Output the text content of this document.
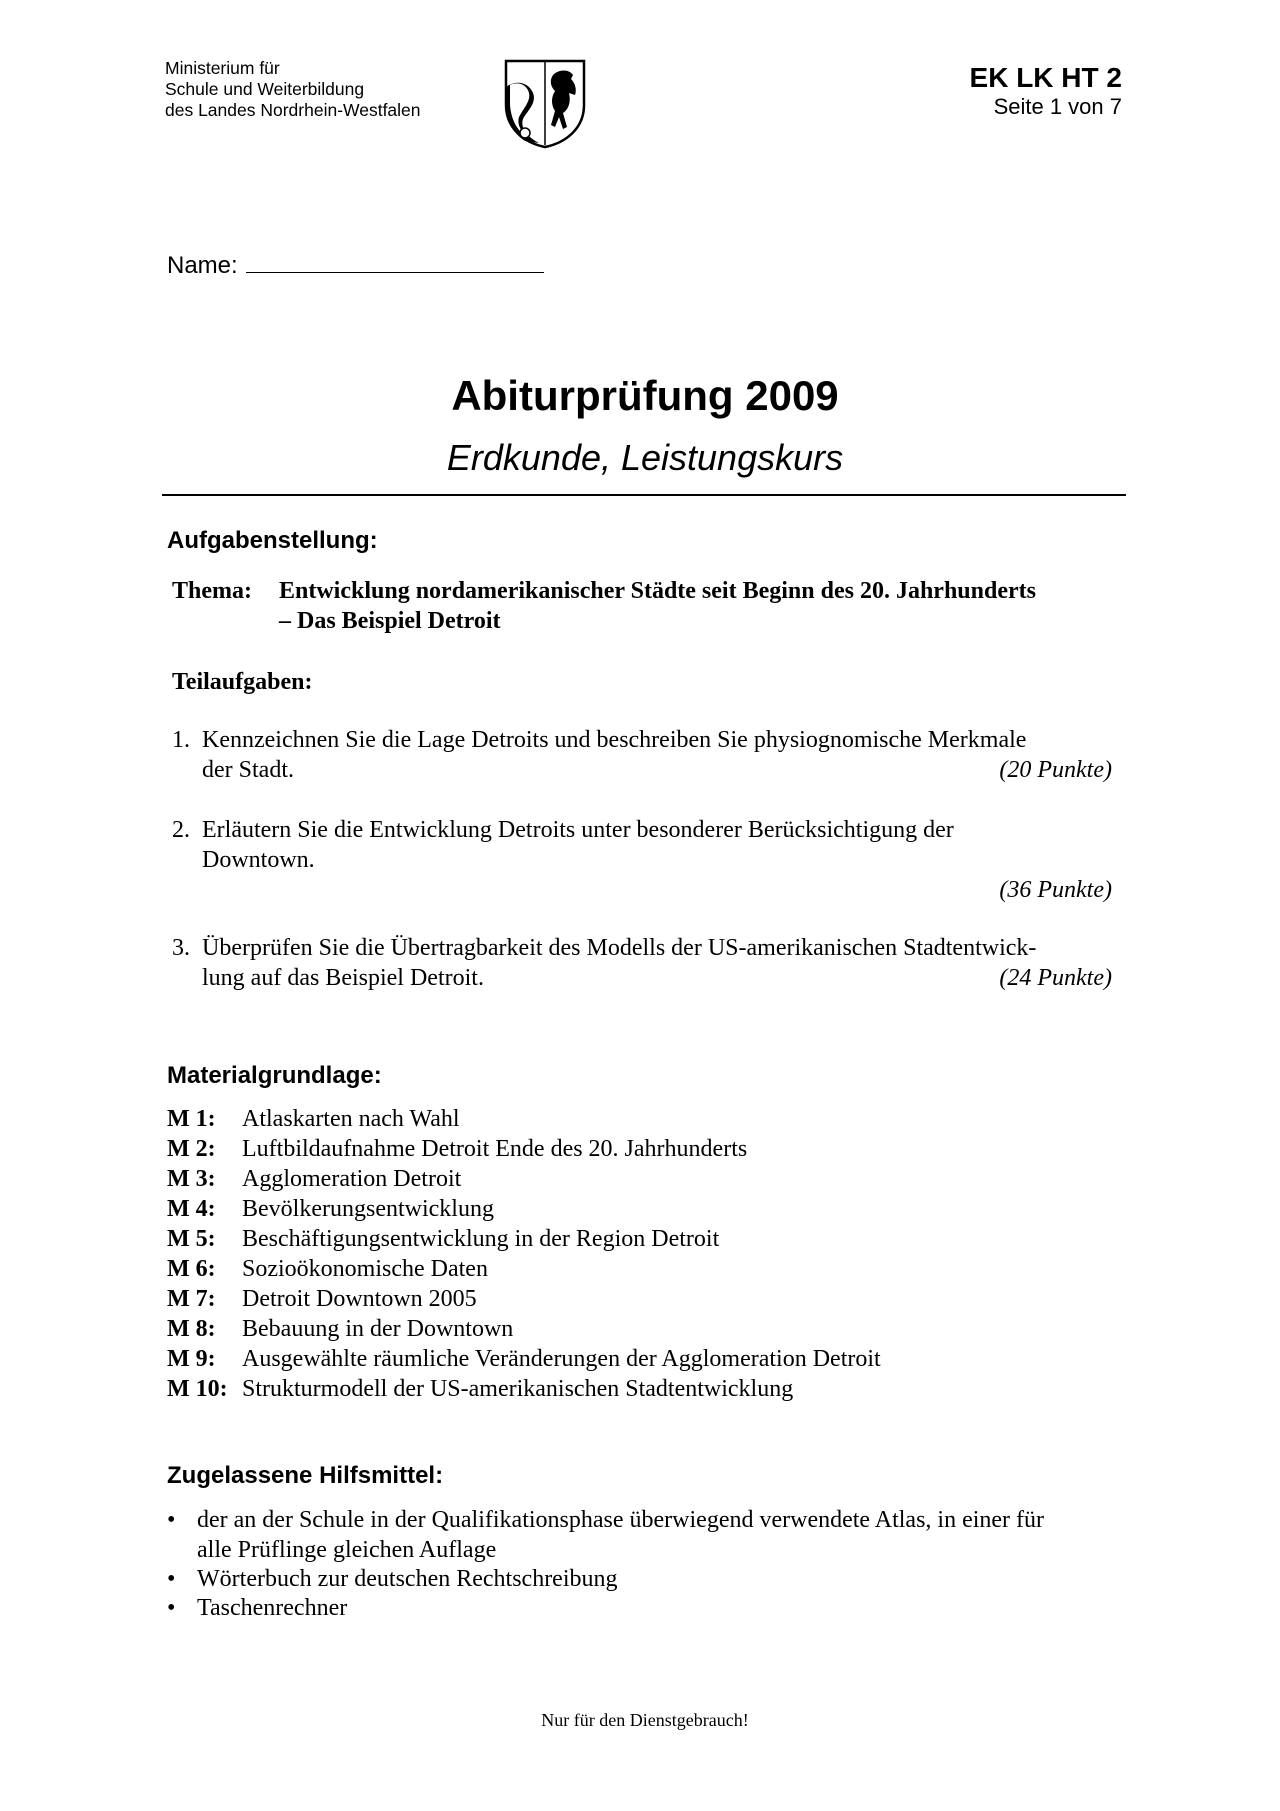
Ministerium für
Schule und Weiterbildung
des Landes Nordrhein-Westfalen
EK LK HT 2
Seite 1 von 7
Name:
Abiturprüfung 2009
Erdkunde, Leistungskurs
Aufgabenstellung:
Thema: Entwicklung nordamerikanischer Städte seit Beginn des 20. Jahrhunderts
– Das Beispiel Detroit
Teilaufgaben:
1. Kennzeichnen Sie die Lage Detroits und beschreiben Sie physiognomische Merkmale
der Stadt.	(20 Punkte)
2. Erläutern Sie die Entwicklung Detroits unter besonderer Berücksichtigung der
Downtown.
(36 Punkte)
3. Überprüfen Sie die Übertragbarkeit des Modells der US-amerikanischen Stadtentwick-
lung auf das Beispiel Detroit.	(24 Punkte)
Materialgrundlage:
M 1: Atlaskarten nach Wahl
M 2: Luftbildaufnahme Detroit Ende des 20. Jahrhunderts
M 3: Agglomeration Detroit
M 4: Bevölkerungsentwicklung
M 5: Beschäftigungsentwicklung in der Region Detroit
M 6: Sozioökonomische Daten
M 7: Detroit Downtown 2005
M 8: Bebauung in der Downtown
M 9: Ausgewählte räumliche Veränderungen der Agglomeration Detroit
M 10: Strukturmodell der US-amerikanischen Stadtentwicklung
Zugelassene Hilfsmittel:
• der an der Schule in der Qualifikationsphase überwiegend verwendete Atlas, in einer für
alle Prüflinge gleichen Auflage
• Wörterbuch zur deutschen Rechtschreibung
• Taschenrechner
Nur für den Dienstgebrauch!
